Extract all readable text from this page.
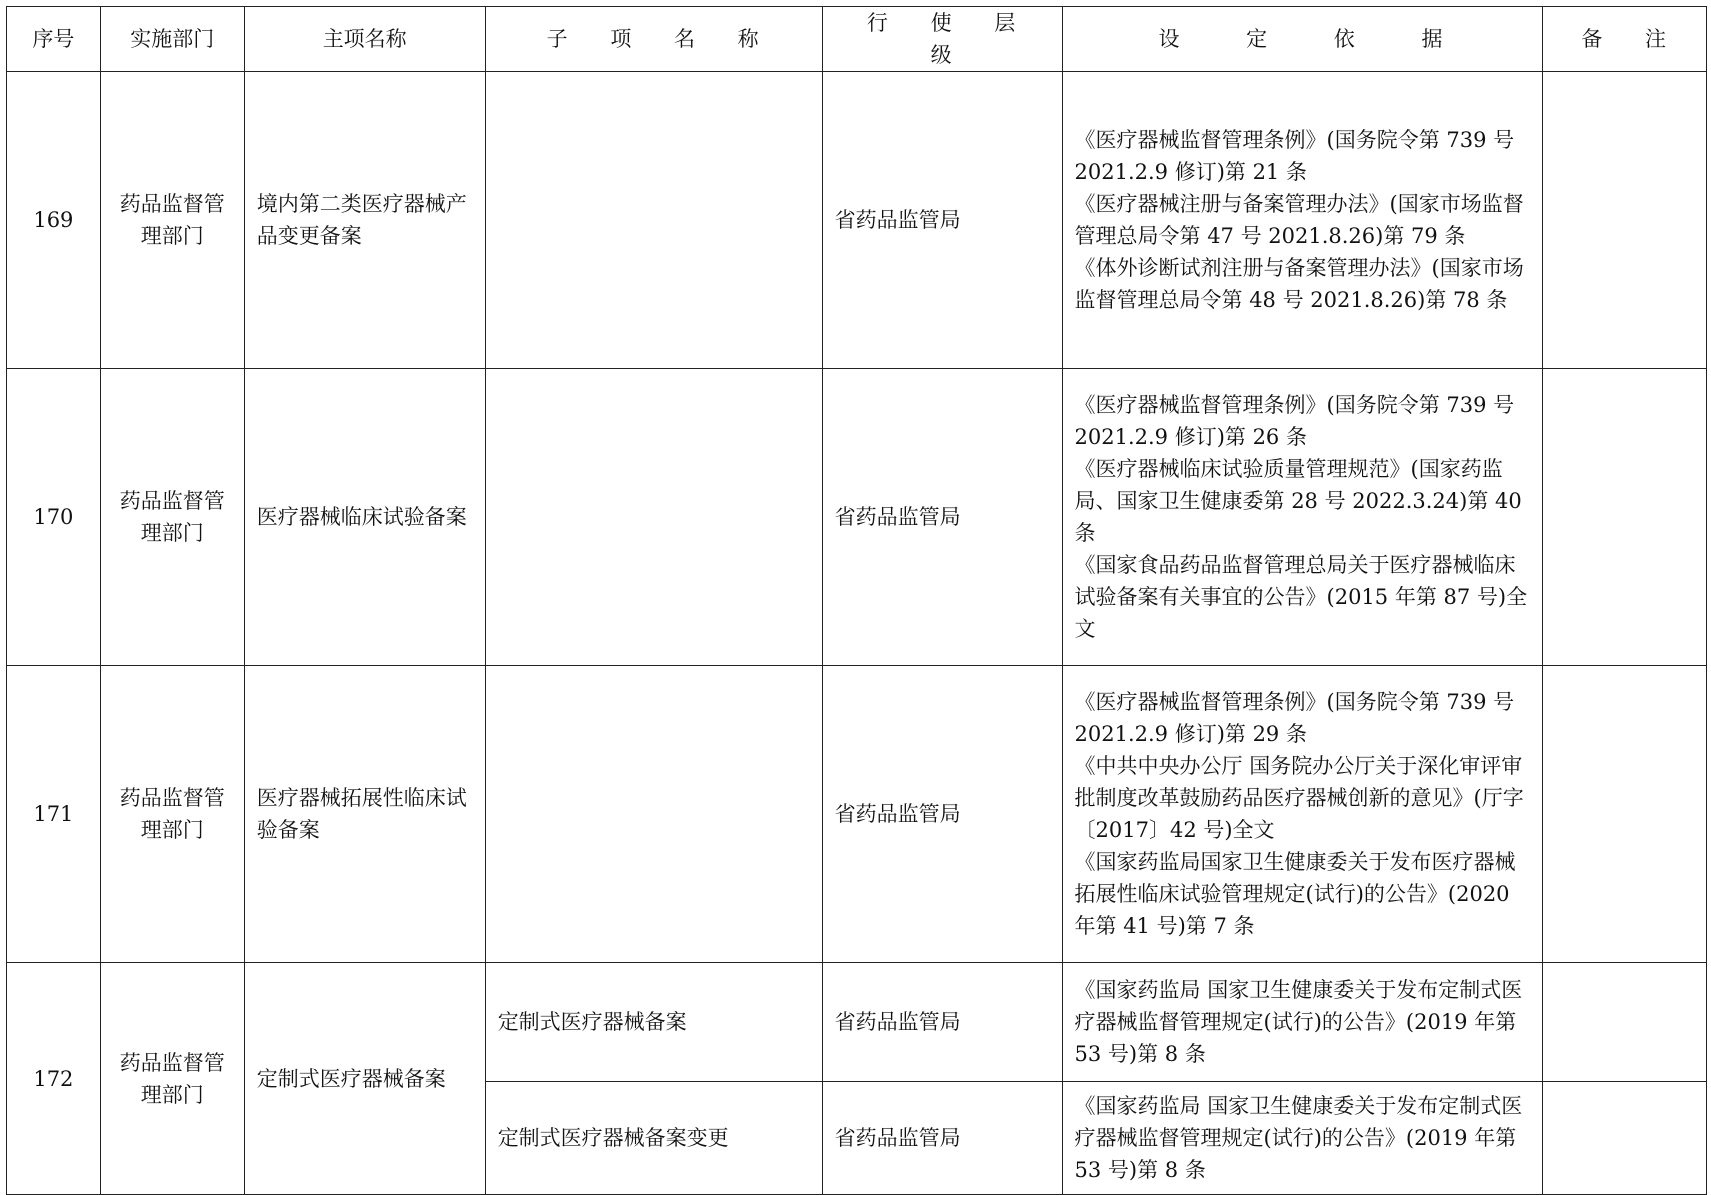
序号	实施部门	主项名称	子 项 名 称	行 使 层 级	设 定 依 据	备 注
169	药品监督管理部门	境内第二类医疗器械产品变更备案		省药品监管局	《医疗器械监督管理条例》(国务院令第 739 号 2021.2.9 修订)第 21 条
《医疗器械注册与备案管理办法》(国家市场监督管理总局令第 47 号 2021.8.26)第 79 条
《体外诊断试剂注册与备案管理办法》(国家市场监督管理总局令第 48 号 2021.8.26)第 78 条	

170	药品监督管理部门	医疗器械临床试验备案		省药品监管局	《医疗器械监督管理条例》(国务院令第 739 号 2021.2.9 修订)第 26 条
《医疗器械临床试验质量管理规范》(国家药监局、国家卫生健康委第 28 号 2022.3.24)第 40 条
《国家食品药品监督管理总局关于医疗器械临床试验备案有关事宜的公告》(2015 年第 87 号)全文	

171	药品监督管理部门	医疗器械拓展性临床试验备案		省药品监管局	《医疗器械监督管理条例》(国务院令第 739 号 2021.2.9 修订)第 29 条
《中共中央办公厅 国务院办公厅关于深化审评审批制度改革鼓励药品医疗器械创新的意见》(厅字〔2017〕42 号)全文
《国家药监局国家卫生健康委关于发布医疗器械拓展性临床试验管理规定(试行)的公告》(2020 年第 41 号)第 7 条	

172	药品监督管理部门	定制式医疗器械备案	定制式医疗器械备案	省药品监管局	《国家药监局 国家卫生健康委关于发布定制式医疗器械监督管理规定(试行)的公告》(2019 年第 53 号)第 8 条	
			定制式医疗器械备案变更	省药品监管局	《国家药监局 国家卫生健康委关于发布定制式医疗器械监督管理规定(试行)的公告》(2019 年第 53 号)第 8 条	
